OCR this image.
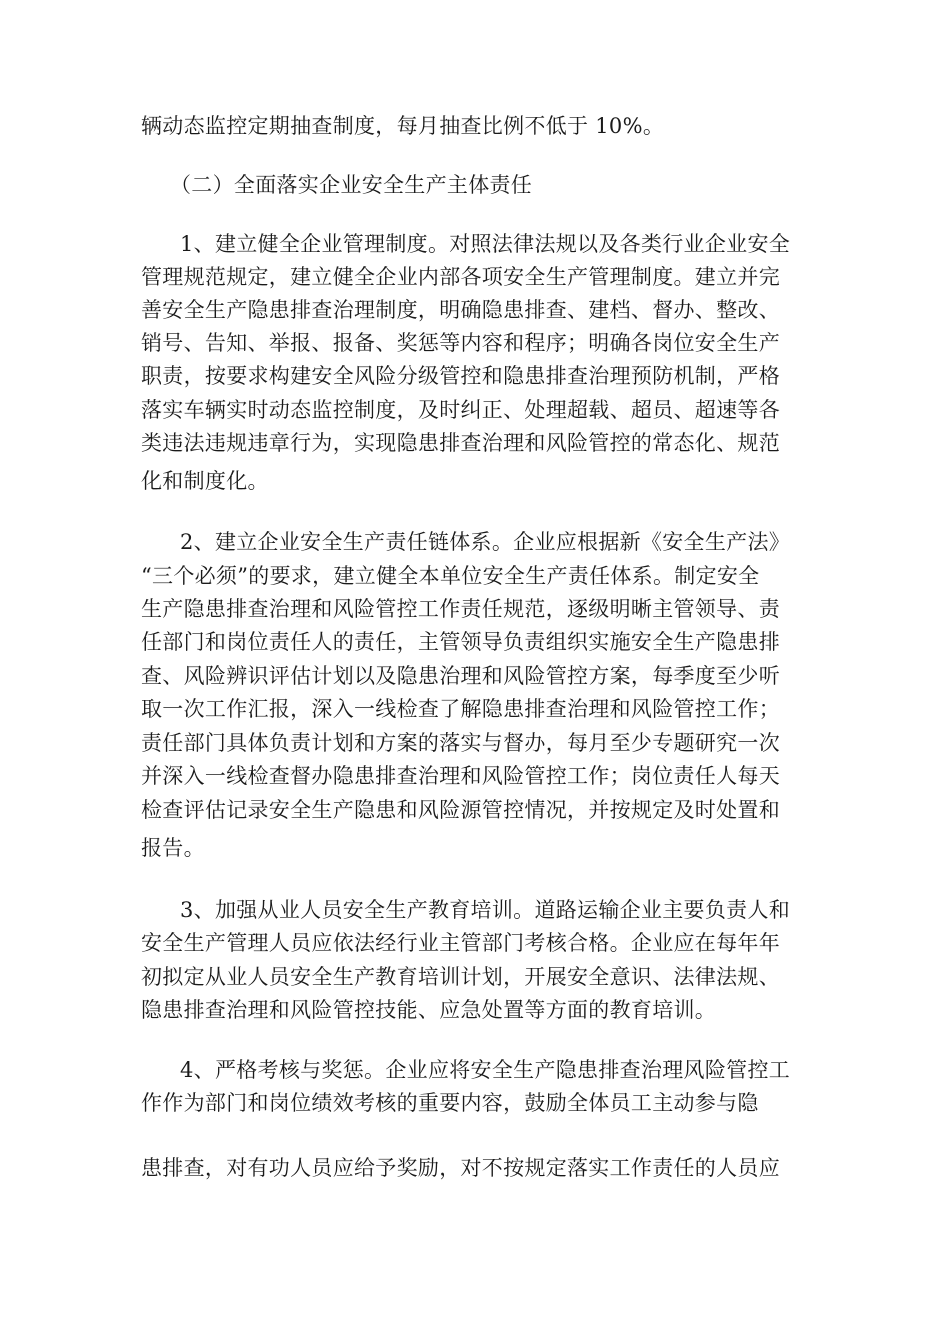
辆动态监控定期抽查制度，每月抽查比例不低于 10%。
（二）全面落实企业安全生产主体责任
1、建立健全企业管理制度。对照法律法规以及各类行业企业安全
管理规范规定，建立健全企业内部各项安全生产管理制度。建立并完
善安全生产隐患排查治理制度，明确隐患排查、建档、督办、整改、
销号、告知、举报、报备、奖惩等内容和程序；明确各岗位安全生产
职责，按要求构建安全风险分级管控和隐患排查治理预防机制，严格
落实车辆实时动态监控制度，及时纠正、处理超载、超员、超速等各
类违法违规违章行为，实现隐患排查治理和风险管控的常态化、规范
化和制度化。
2、建立企业安全生产责任链体系。企业应根据新《安全生产法》
“三个必须”的要求，建立健全本单位安全生产责任体系。制定安全
生产隐患排查治理和风险管控工作责任规范，逐级明晰主管领导、责
任部门和岗位责任人的责任，主管领导负责组织实施安全生产隐患排
查、风险辨识评估计划以及隐患治理和风险管控方案，每季度至少听
取一次工作汇报，深入一线检查了解隐患排查治理和风险管控工作；
责任部门具体负责计划和方案的落实与督办，每月至少专题研究一次
并深入一线检查督办隐患排查治理和风险管控工作；岗位责任人每天
检查评估记录安全生产隐患和风险源管控情况，并按规定及时处置和
报告。
3、加强从业人员安全生产教育培训。道路运输企业主要负责人和
安全生产管理人员应依法经行业主管部门考核合格。企业应在每年年
初拟定从业人员安全生产教育培训计划，开展安全意识、法律法规、
隐患排查治理和风险管控技能、应急处置等方面的教育培训。
4、严格考核与奖惩。企业应将安全生产隐患排查治理风险管控工
作作为部门和岗位绩效考核的重要内容，鼓励全体员工主动参与隐
患排查，对有功人员应给予奖励，对不按规定落实工作责任的人员应
